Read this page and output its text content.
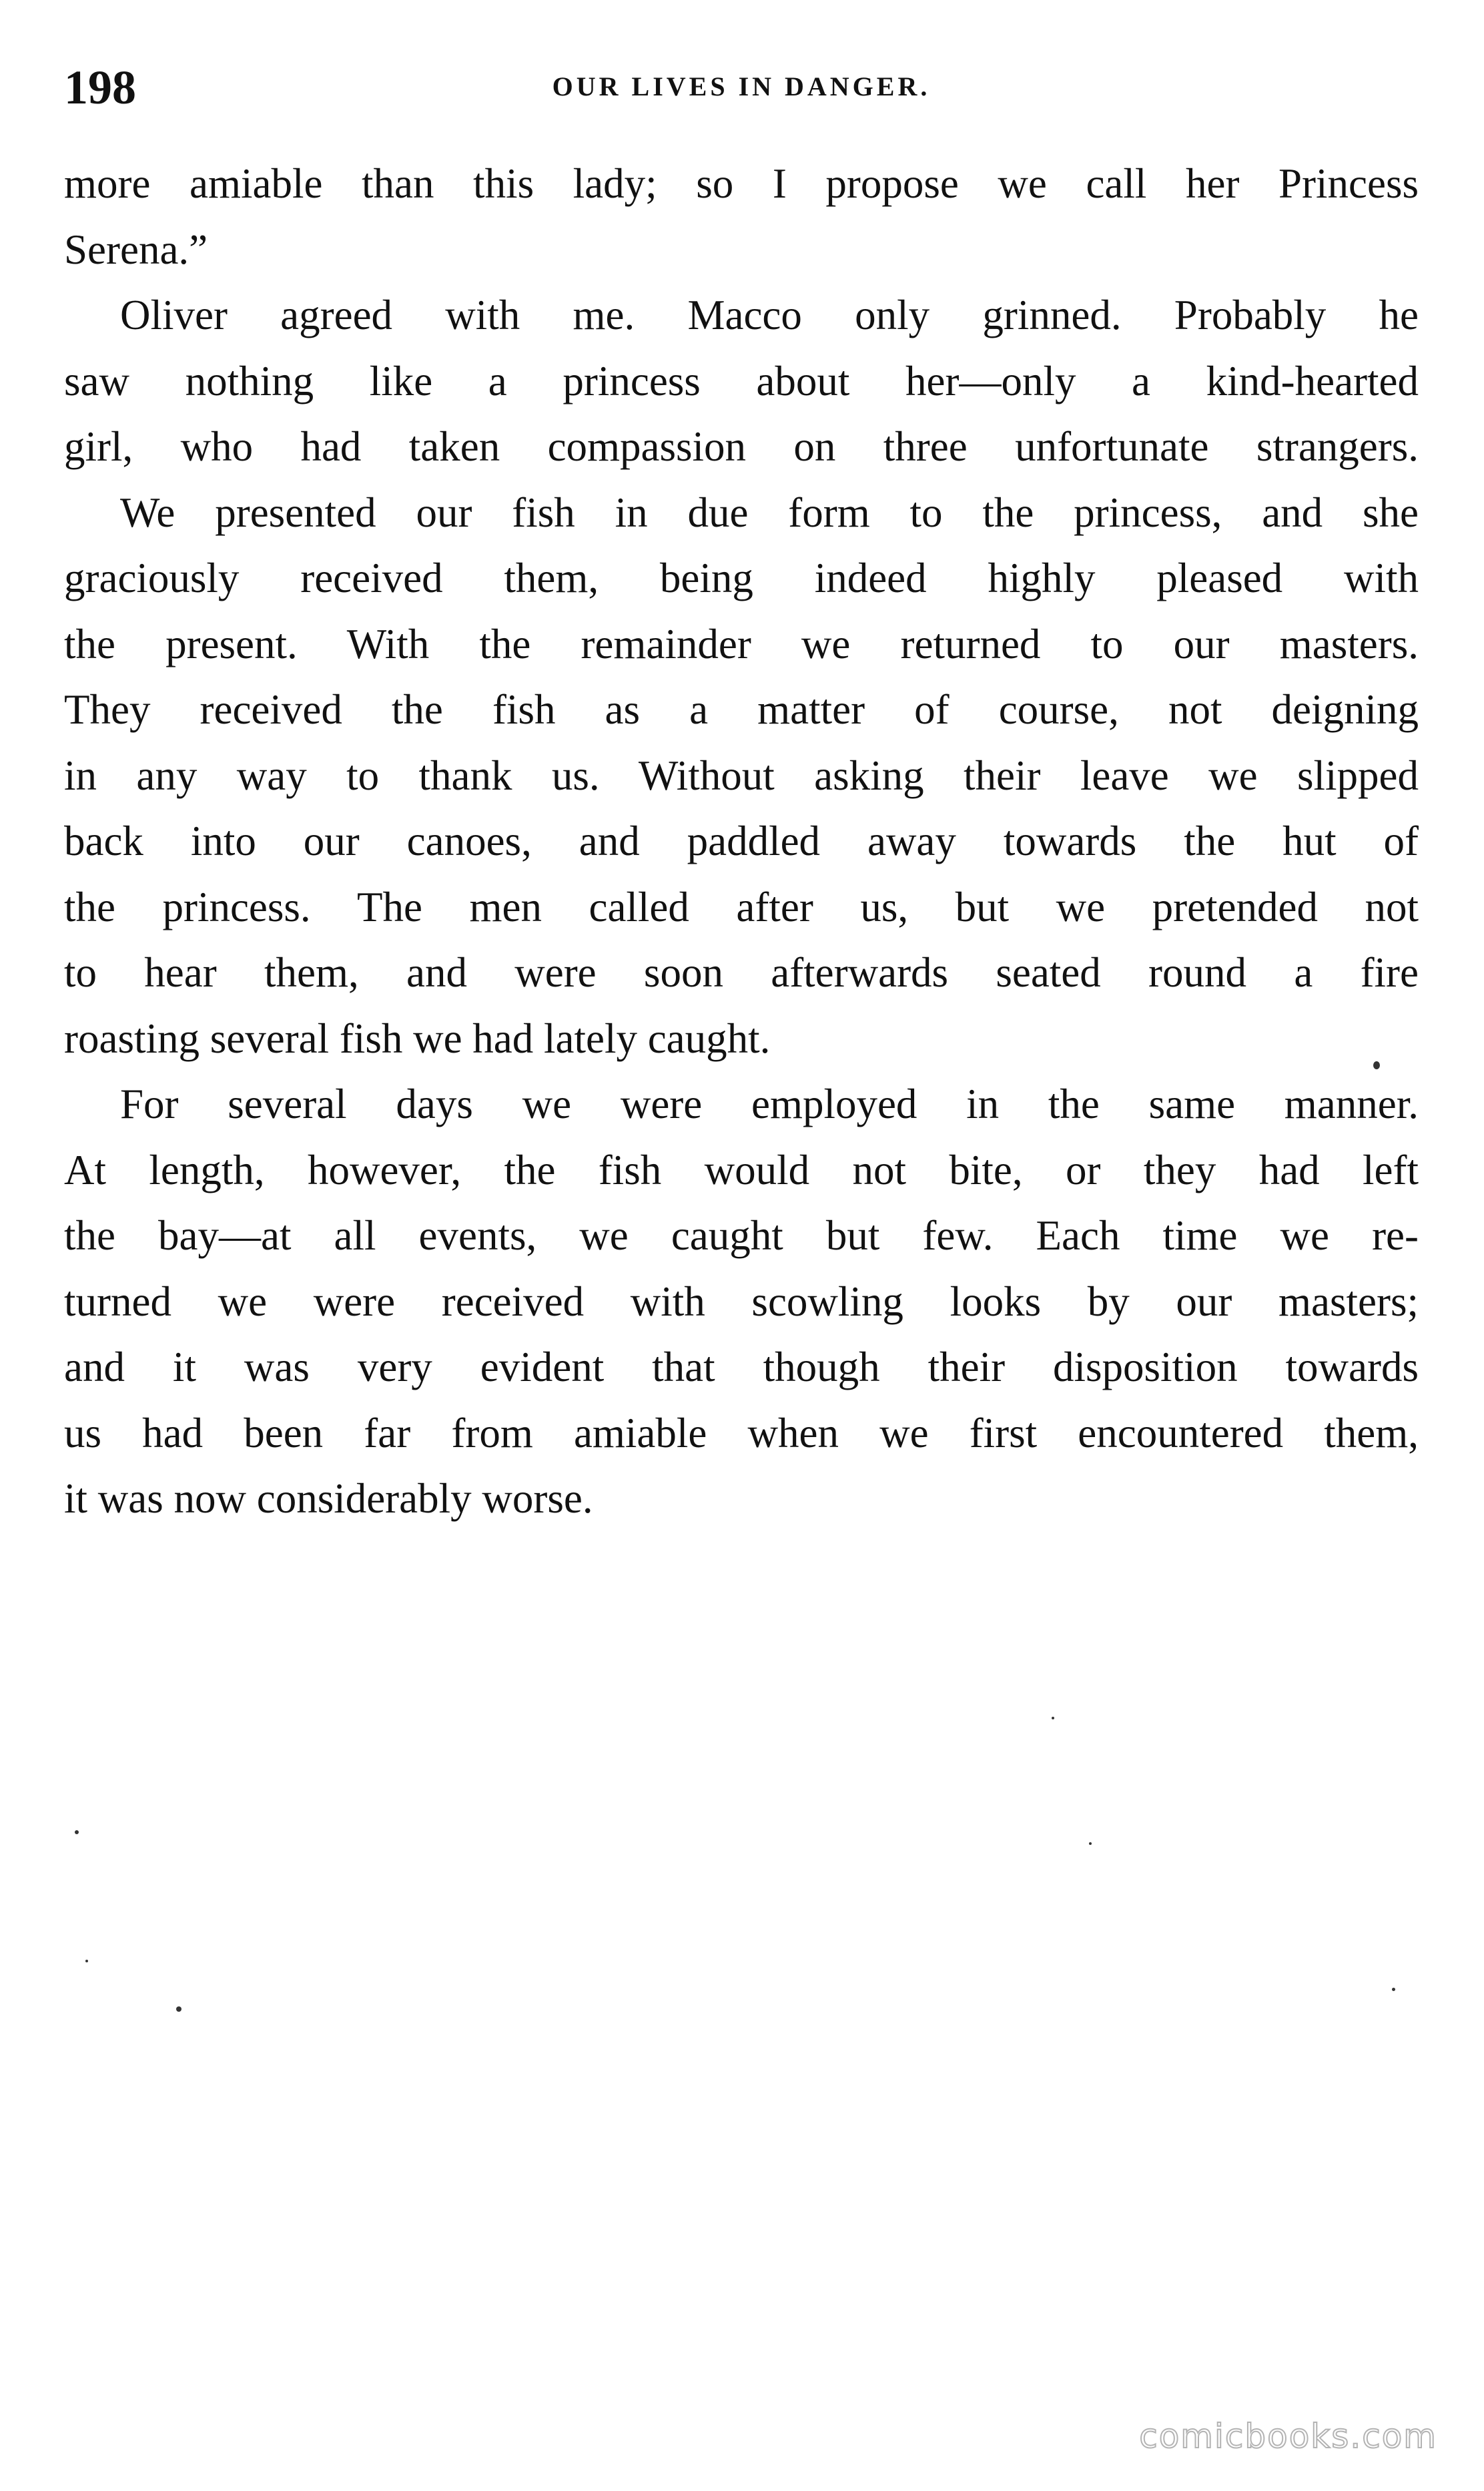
198	OUR LIVES IN DANGER.

more amiable than this lady; so I propose we call her Princess

Serena.”

Oliver agreed with me. Macco only grinned. Probably he

saw nothing like a princess about her—only a kind-hearted

girl, who had taken compassion on three unfortunate strangers.

We presented our fish in due form to the princess, and she

graciously received them, being indeed highly pleased with

the present. With the remainder we returned to our masters.

They received the fish as a matter of course, not deigning

in any way to thank us. Without asking their leave we slipped

back into our canoes, and paddled away towards the hut of

the princess. The men called after us, but we pretended not

to hear them, and were soon afterwards seated round a fire

roasting several fish we had lately caught.

For several days we were employed in the same manner.

At length, however, the fish would not bite, or they had left

the bay—at all events, we caught but few. Each time we re-

turned we were received with scowling looks by our masters;

and it was very evident that though their disposition towards

us had been far from amiable when we first encountered them,

it was now considerably worse.

comicbooks.com
